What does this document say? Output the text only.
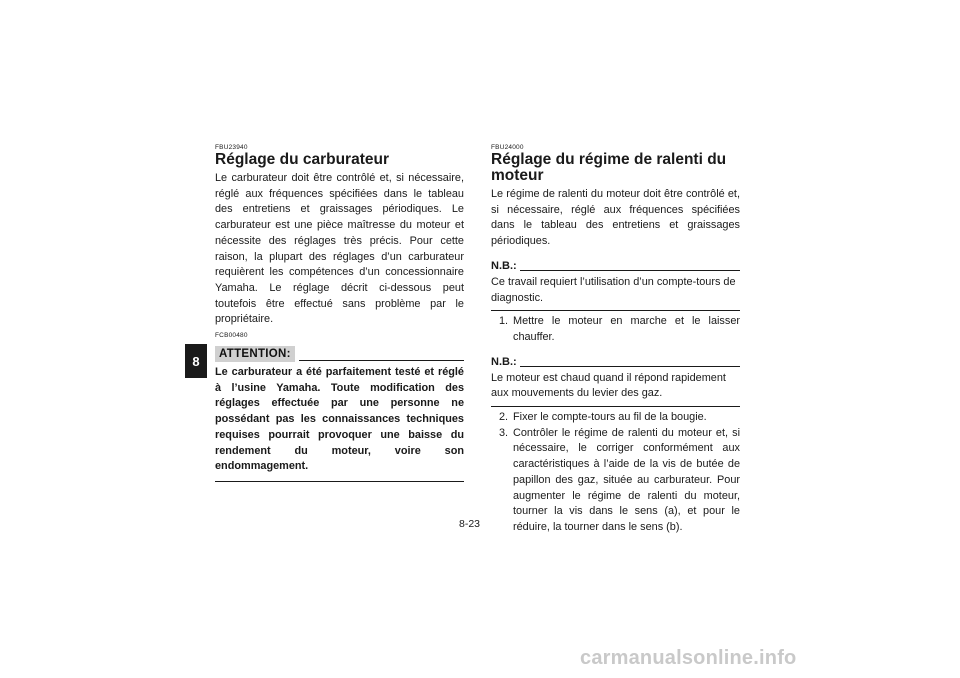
8

FBU23940

Réglage du carburateur

Le carburateur doit être contrôlé et, si nécessaire, réglé aux fréquences spécifiées dans le tableau des entretiens et graissages périodiques. Le carburateur est une pièce maîtresse du moteur et nécessite des réglages très précis. Pour cette raison, la plupart des réglages d’un carburateur requièrent les compétences d’un concessionnaire Yamaha. Le réglage décrit ci-dessous peut toutefois être effectué sans problème par le propriétaire.

FCB00480

ATTENTION:

Le carburateur a été parfaitement testé et réglé à l’usine Yamaha. Toute modification des réglages effectuée par une personne ne possédant pas les connaissances techniques requises pourrait provoquer une baisse du rendement du moteur, voire son endommagement.

FBU24000

Réglage du régime de ralenti du moteur

Le régime de ralenti du moteur doit être contrôlé et, si nécessaire, réglé aux fréquences spécifiées dans le tableau des entretiens et graissages périodiques.

N.B.:

Ce travail requiert l’utilisation d’un compte-tours de diagnostic.

1. Mettre le moteur en marche et le laisser chauffer.
N.B.:

Le moteur est chaud quand il répond rapidement aux mouvements du levier des gaz.

2. Fixer le compte-tours au fil de la bougie.
3. Contrôler le régime de ralenti du moteur et, si nécessaire, le corriger conformément aux caractéristiques à l’aide de la vis de butée de papillon des gaz, située au carburateur. Pour augmenter le régime de ralenti du moteur, tourner la vis dans le sens (a), et pour le réduire, la tourner dans le sens (b).
8-23
carmanualsonline.info
